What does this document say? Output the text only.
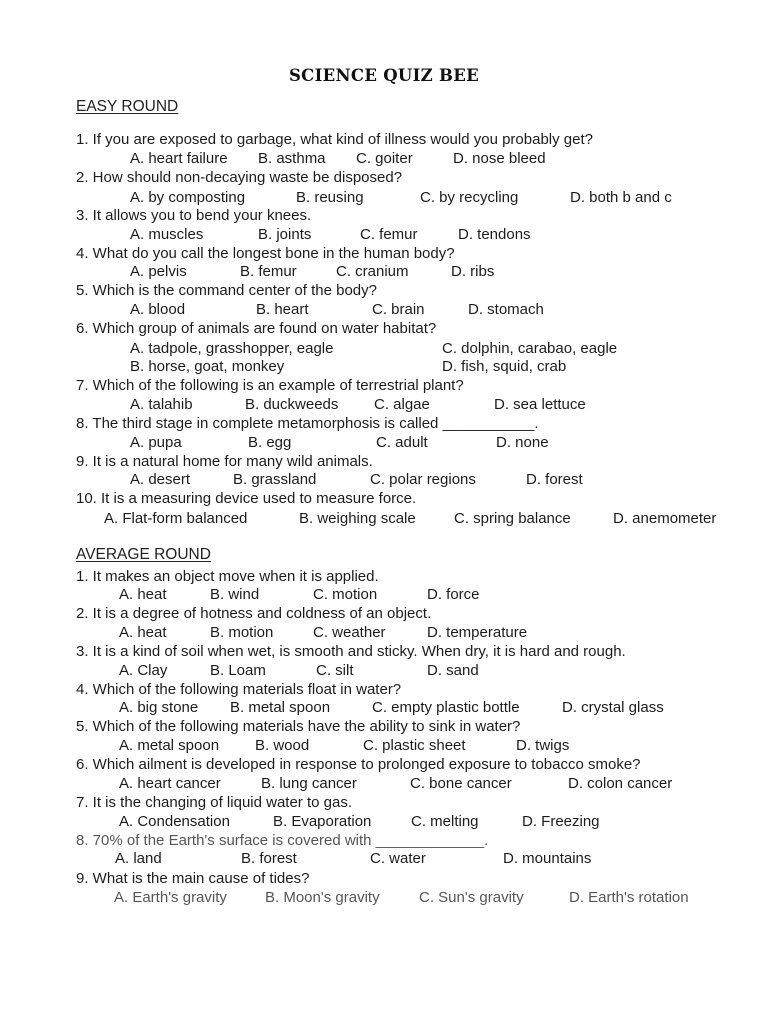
SCIENCE QUIZ BEE
EASY ROUND
1. If you are exposed to garbage, what kind of illness would you probably get?
A. heart failure B. asthma C. goiter	D. nose bleed
2. How should non-decaying waste be disposed?
A. by composting	B. reusing	C. by recycling	D. both b and c
3. It allows you to bend your knees.
A. muscles	B. joints	C. femur	D. tendons
4. What do you call the longest bone in the human body?
A. pelvis	B. femur	C. cranium	D. ribs
5. Which is the command center of the body?
A. blood	B. heart	C. brain	D. stomach
6. Which group of animals are found on water habitat?
A. tadpole, grasshopper, eagle	C. dolphin, carabao, eagle
B. horse, goat, monkey	D. fish, squid, crab
7. Which of the following is an example of terrestrial plant?
A. talahib	B. duckweeds C. algae	D. sea lettuce
8. The third stage in complete metamorphosis is called ___________.
A. pupa	B. egg	C. adult	D. none
9. It is a natural home for many wild animals.
A. desert	B. grassland	C. polar regions	D. forest
10. It is a measuring device used to measure force.
A. Flat-form balanced	B. weighing scale	C. spring balance	D. anemometer
AVERAGE ROUND
1. It makes an object move when it is applied.
A. heat	B. wind	C. motion	D. force
2. It is a degree of hotness and coldness of an object.
A. heat	B. motion	C. weather	D. temperature
3. It is a kind of soil when wet, is smooth and sticky. When dry, it is hard and rough.
A. Clay	B. Loam	C. silt	D. sand
4. Which of the following materials float in water?
A. big stone B. metal spoon	C. empty plastic bottle	D. crystal glass
5. Which of the following materials have the ability to sink in water?
A. metal spoon B. wood	C. plastic sheet	D. twigs
6. Which ailment is developed in response to prolonged exposure to tobacco smoke?
A. heart cancer	B. lung cancer	C. bone cancer	D. colon cancer
7. It is the changing of liquid water to gas.
A. Condensation	B. Evaporation	C. melting	D. Freezing
8. 70% of the Earth's surface is covered with _____________.
A. land	B. forest	C. water	D. mountains
9. What is the main cause of tides?
A. Earth's gravity	B. Moon's gravity	C. Sun's gravity	D. Earth's rotation
